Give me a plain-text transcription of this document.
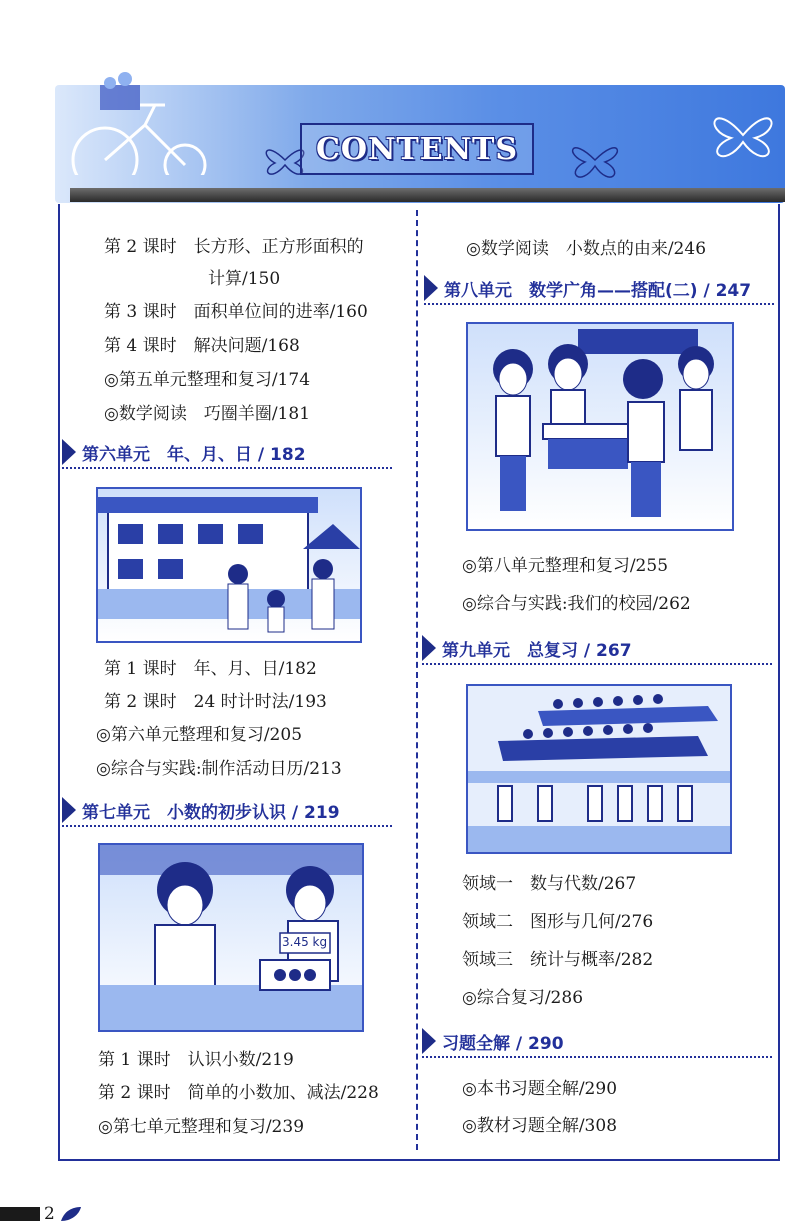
CONTENTS
第 2 课时　长方形、正方形面积的
计算/150
第 3 课时　面积单位间的进率/160
第 4 课时　解决问题/168
◎第五单元整理和复习/174
◎数学阅读　巧圈羊圈/181
第六单元　年、月、日 / 182
第 1 课时　年、月、日/182
第 2 课时　24 时计时法/193
◎第六单元整理和复习/205
◎综合与实践:制作活动日历/213
第七单元　小数的初步认识 / 219
3.45 kg
第 1 课时　认识小数/219
第 2 课时　简单的小数加、减法/228
◎第七单元整理和复习/239
◎数学阅读　小数点的由来/246
第八单元　数学广角——搭配(二) / 247
◎第八单元整理和复习/255
◎综合与实践:我们的校园/262
第九单元　总复习 / 267
领域一　数与代数/267
领域二　图形与几何/276
领域三　统计与概率/282
◎综合复习/286
习题全解 / 290
◎本书习题全解/290
◎教材习题全解/308
2
